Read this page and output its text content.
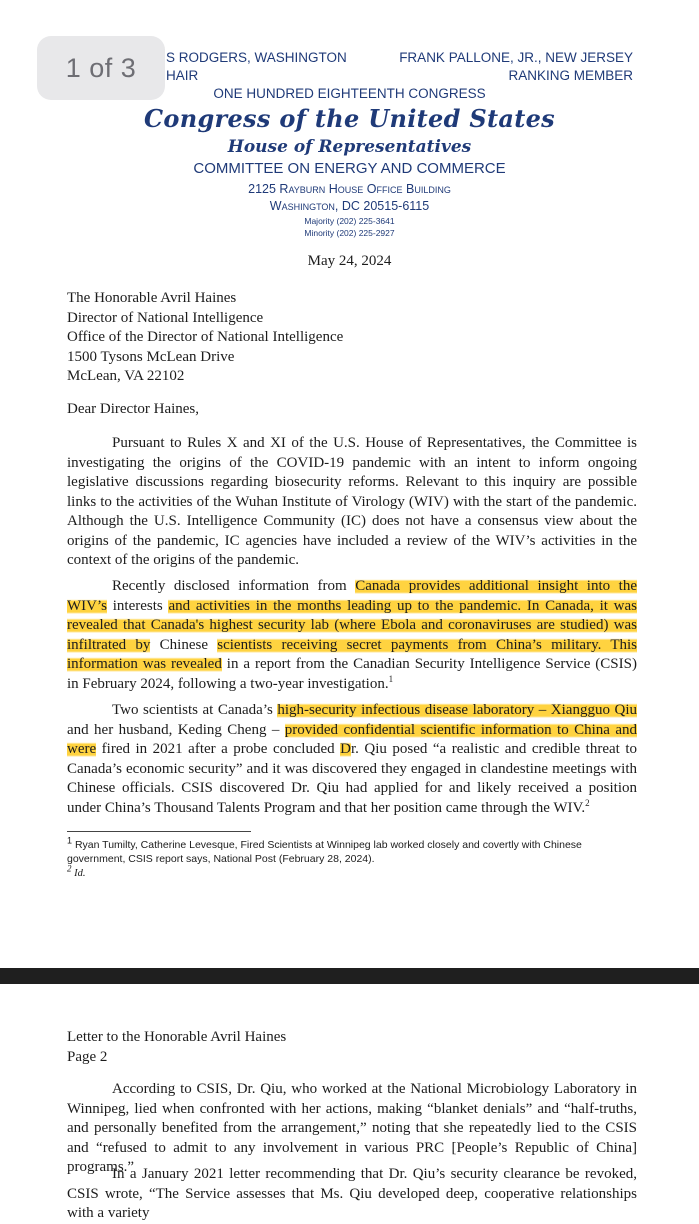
1 of 3	S RODGERS, WASHINGTON
HAIR
FRANK PALLONE, JR., NEW JERSEY
RANKING MEMBER
ONE HUNDRED EIGHTEENTH CONGRESS
Congress of the United States
House of Representatives
COMMITTEE ON ENERGY AND COMMERCE
2125 Rayburn House Office Building
Washington, DC 20515-6115
Majority (202) 225-3641
Minority (202) 225-2927
May 24, 2024
The Honorable Avril Haines
Director of National Intelligence
Office of the Director of National Intelligence
1500 Tysons McLean Drive
McLean, VA 22102
Dear Director Haines,
Pursuant to Rules X and XI of the U.S. House of Representatives, the Committee is investigating the origins of the COVID-19 pandemic with an intent to inform ongoing legislative discussions regarding biosecurity reforms. Relevant to this inquiry are possible links to the activities of the Wuhan Institute of Virology (WIV) with the start of the pandemic. Although the U.S. Intelligence Community (IC) does not have a consensus view about the origins of the pandemic, IC agencies have included a review of the WIV’s activities in the context of the origins of the pandemic.
Recently disclosed information from Canada provides additional insight into the WIV’s interests and activities in the months leading up to the pandemic. In Canada, it was revealed that Canada's highest security lab (where Ebola and coronaviruses are studied) was infiltrated by Chinese scientists receiving secret payments from China’s military. This information was revealed in a report from the Canadian Security Intelligence Service (CSIS) in February 2024, following a two-year investigation.$^1$
Two scientists at Canada’s high-security infectious disease laboratory – Xiangguo Qiu and her husband, Keding Cheng – provided confidential scientific information to China and were fired in 2021 after a probe concluded Dr. Qiu posed “a realistic and credible threat to Canada’s economic security” and it was discovered they engaged in clandestine meetings with Chinese officials. CSIS discovered Dr. Qiu had applied for and likely received a position under China’s Thousand Talents Program and that her position came through the WIV.$^2$
$^1$ Ryan Tumilty, Catherine Levesque, Fired Scientists at Winnipeg lab worked closely and covertly with Chinese government, CSIS report says, National Post (February 28, 2024).
$^2$ Id.
Letter to the Honorable Avril Haines
Page 2
According to CSIS, Dr. Qiu, who worked at the National Microbiology Laboratory in Winnipeg, lied when confronted with her actions, making “blanket denials” and “half-truths, and personally benefited from the arrangement,” noting that she repeatedly lied to the CSIS and “refused to admit to any involvement in various PRC [People’s Republic of China] programs.”
In a January 2021 letter recommending that Dr. Qiu’s security clearance be revoked, CSIS wrote, “The Service assesses that Ms. Qiu developed deep, cooperative relationships with a variety
